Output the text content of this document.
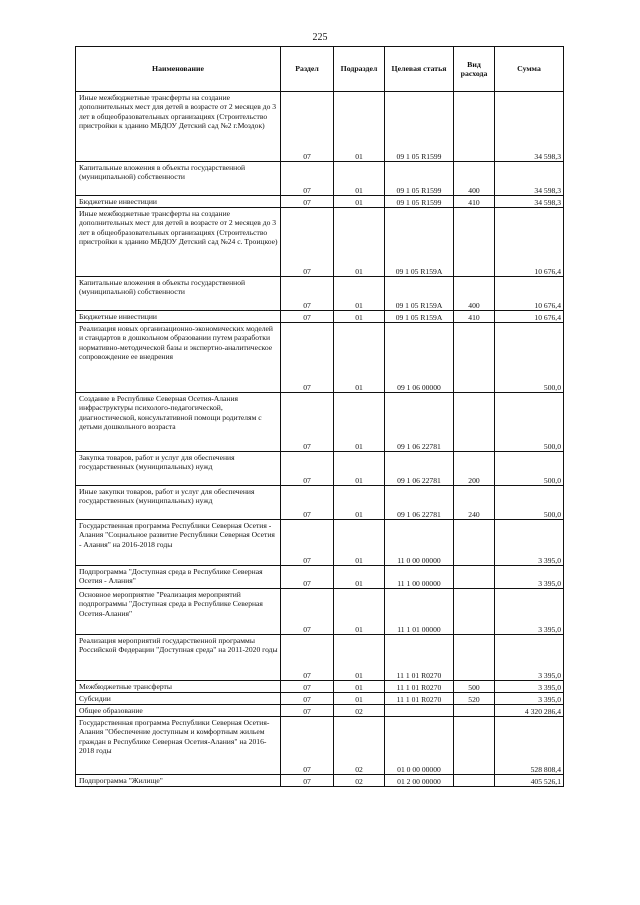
225
Наименование	Раздел	Подраздел	Целевая статья	Вид расхода	Сумма
Иные межбюджетные трансферты на создание дополнительных мест для детей в возрасте от 2 месяцев до 3 лет в общеобразовательных организациях (Строительство пристройки к зданию МБДОУ Детский сад №2 г.Моздок)	07	01	09 1 05 R1599		34 598,3
Капитальные вложения в объекты государственной (муниципальной) собственности	07	01	09 1 05 R1599	400	34 598,3
Бюджетные инвестиции	07	01	09 1 05 R1599	410	34 598,3
Иные межбюджетные трансферты на создание дополнительных мест для детей в возрасте от 2 месяцев до 3 лет в общеобразовательных организациях (Строительство пристройки к зданию МБДОУ Детский сад №24 с. Троицкое)	07	01	09 1 05 R159A		10 676,4
Капитальные вложения в объекты государственной (муниципальной) собственности	07	01	09 1 05 R159A	400	10 676,4
Бюджетные инвестиции	07	01	09 1 05 R159A	410	10 676,4
Реализация новых организационно-экономических моделей и стандартов в дошкольном образовании путем разработки нормативно-методической базы и экспертно-аналитическое сопровождение ее внедрения	07	01	09 1 06 00000		500,0
Создание в Республике Северная Осетия-Алания инфраструктуры психолого-педагогической, диагностической, консультативной помощи родителям с детьми дошкольного возраста	07	01	09 1 06 22781		500,0
Закупка товаров, работ и услуг для обеспечения государственных (муниципальных) нужд	07	01	09 1 06 22781	200	500,0
Иные закупки товаров, работ и услуг для обеспечения государственных (муниципальных) нужд	07	01	09 1 06 22781	240	500,0
Государственная программа Республики Северная Осетия - Алания "Социальное развитие Республики Северная Осетия - Алания" на 2016-2018 годы	07	01	11 0 00 00000		3 395,0
Подпрограмма "Доступная среда в Республике Северная Осетия - Алания"	07	01	11 1 00 00000		3 395,0
Основное мероприятие "Реализация мероприятий подпрограммы "Доступная среда в Республике Северная Осетия-Алания"	07	01	11 1 01 00000		3 395,0
Реализация мероприятий государственной программы Российской Федерации "Доступная среда" на 2011-2020 годы	07	01	11 1 01 R0270		3 395,0
Межбюджетные трансферты	07	01	11 1 01 R0270	500	3 395,0
Субсидии	07	01	11 1 01 R0270	520	3 395,0
Общее образование	07	02			4 320 286,4
Государственная программа Республики Северная Осетия-Алания "Обеспечение доступным и комфортным жильем граждан в Республике Северная Осетия-Алания" на 2016-2018 годы	07	02	01 0 00 00000		528 808,4
Подпрограмма "Жилище"	07	02	01 2 00 00000		405 526,1
